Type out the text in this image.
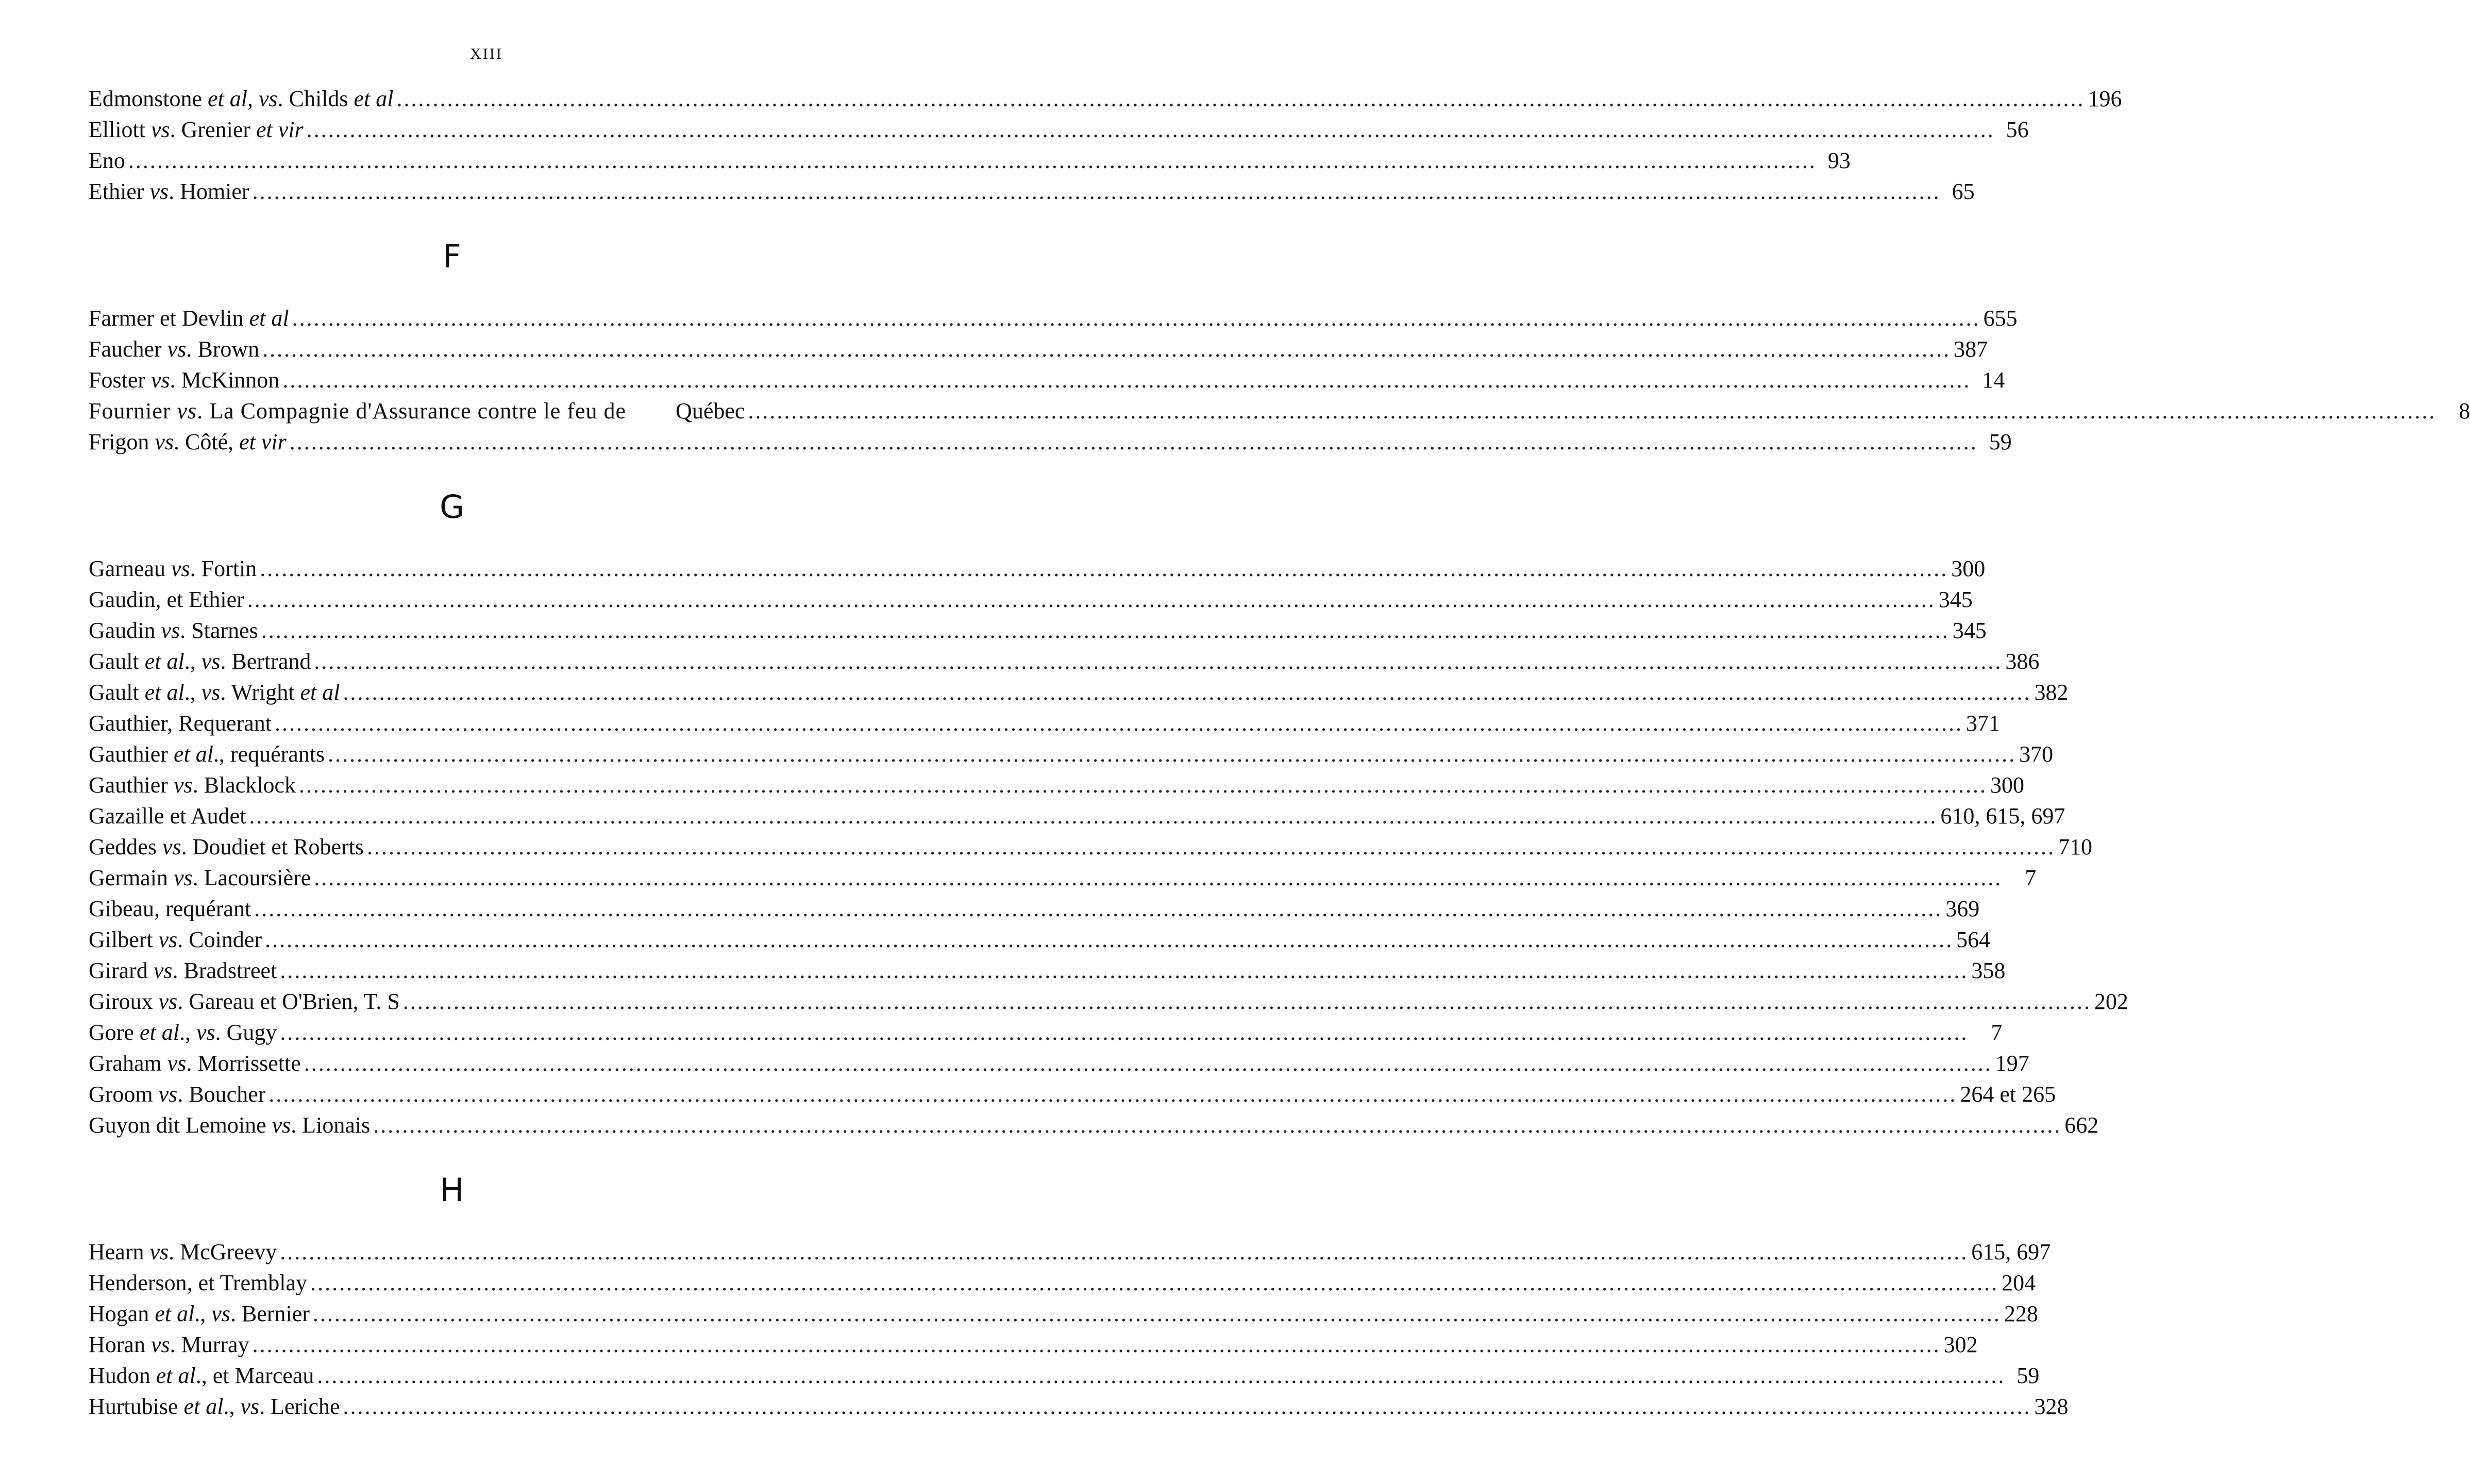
XIII
Edmonstone et al, vs. Childs et al .....	196
Elliott vs. Grenier et vir .....	56
Eno .....	93
Ethier vs. Homier .....	65
F
Farmer et Devlin et al .....	655
Faucher vs. Brown .....	387
Foster vs. McKinnon .....	14
Fournier vs. La Compagnie d'Assurance contre le feu de Québec .....	8
Frigon vs. Côté, et vir .....	59
G
Garneau vs. Fortin .....	300
Gaudin, et Ethier .....	345
Gaudin vs. Starnes .....	345
Gault et al., vs. Bertrand .....	386
Gault et al., vs. Wright et al .....	382
Gauthier, Requerant .....	371
Gauthier et al., requérants .....	370
Gauthier vs. Blacklock .....	300
Gazaille et Audet .....	610, 615, 697
Geddes vs. Doudiet et Roberts .....	710
Germain vs. Lacoursière .....	7
Gibeau, requérant .....	369
Gilbert vs. Coinder .....	564
Girard vs. Bradstreet .....	358
Giroux vs. Gareau et O'Brien, T. S .....	202
Gore et al., vs. Gugy .....	7
Graham vs. Morrissette .....	197
Groom vs. Boucher .....	264 et 265
Guyon dit Lemoine vs. Lionais .....	662
H
Hearn vs. McGreevy .....	615, 697
Henderson, et Tremblay .....	204
Hogan et al., vs. Bernier .....	228
Horan vs. Murray .....	302
Hudon et al., et Marceau .....	59
Hurtubise et al., vs. Leriche .....	328
